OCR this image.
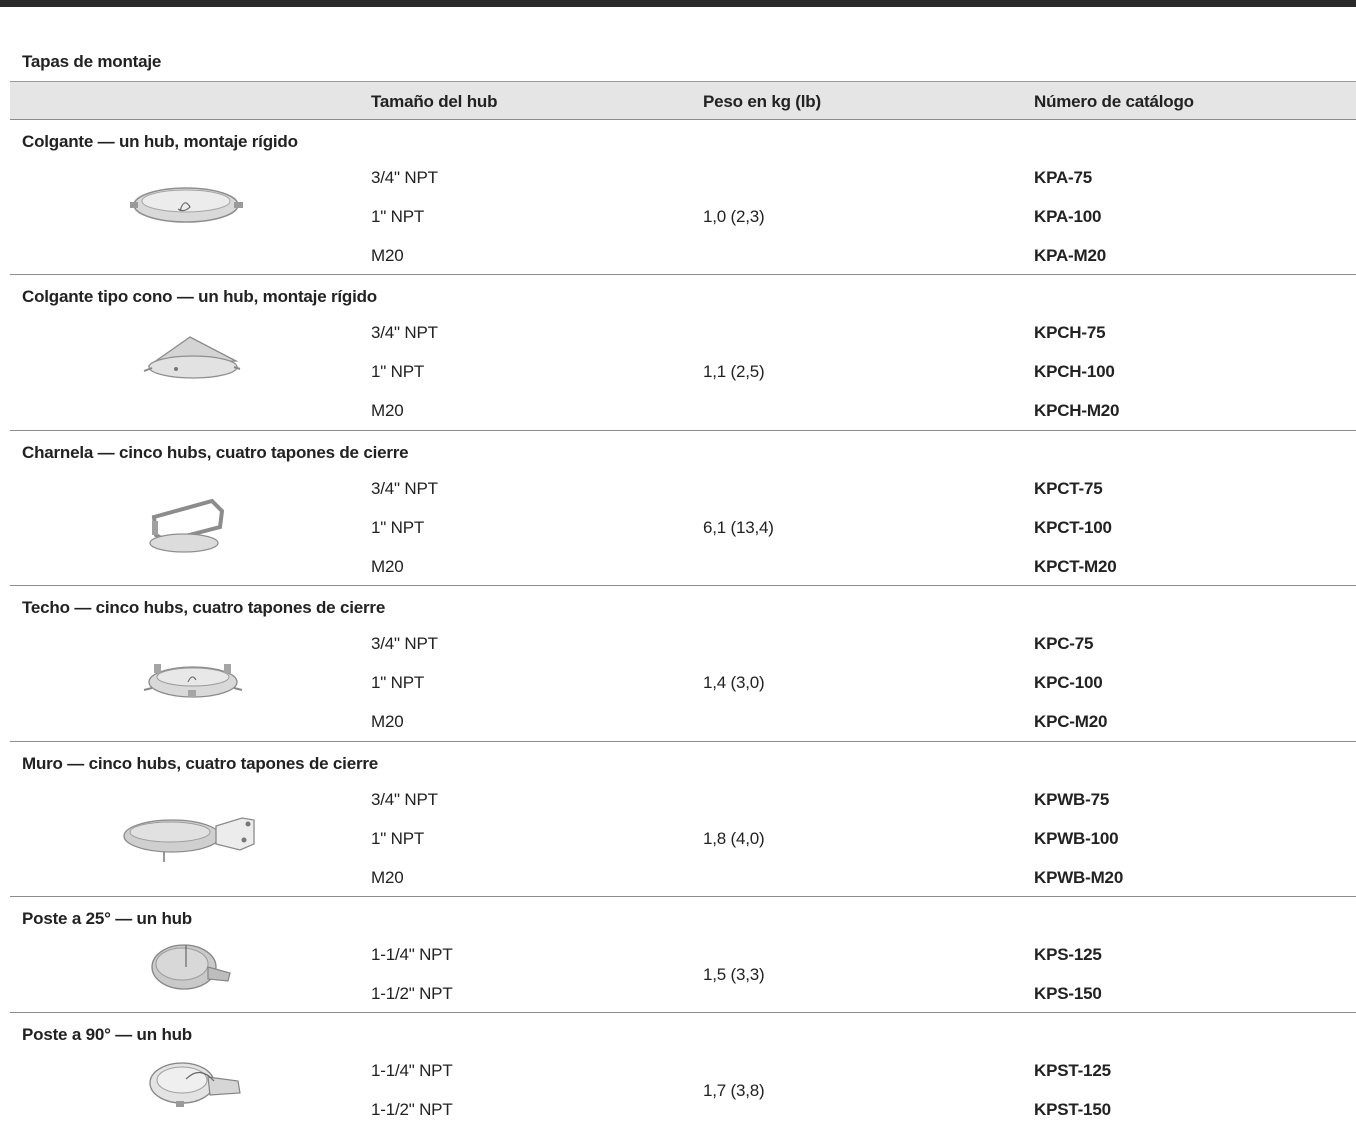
Tapas de montaje
Tamaño del hub	Peso en kg (lb)	Número de catálogo
Colgante — un hub, montaje rígido
3/4" NPT
1" NPT
M20
1,0 (2,3)
KPA-75
KPA-100
KPA-M20
Colgante tipo cono — un hub, montaje rígido
3/4" NPT
1" NPT
M20
1,1 (2,5)
KPCH-75
KPCH-100
KPCH-M20
Charnela — cinco hubs, cuatro tapones de cierre
3/4" NPT
1" NPT
M20
6,1 (13,4)
KPCT-75
KPCT-100
KPCT-M20
Techo — cinco hubs, cuatro tapones de cierre
3/4" NPT
1" NPT
M20
1,4 (3,0)
KPC-75
KPC-100
KPC-M20
Muro — cinco hubs, cuatro tapones de cierre
3/4" NPT
1" NPT
M20
1,8 (4,0)
KPWB-75
KPWB-100
KPWB-M20
Poste a 25° — un hub
1-1/4" NPT
1-1/2" NPT
1,5 (3,3)
KPS-125
KPS-150
Poste a 90° — un hub
1-1/4" NPT
1-1/2" NPT
1,7 (3,8)
KPST-125
KPST-150
